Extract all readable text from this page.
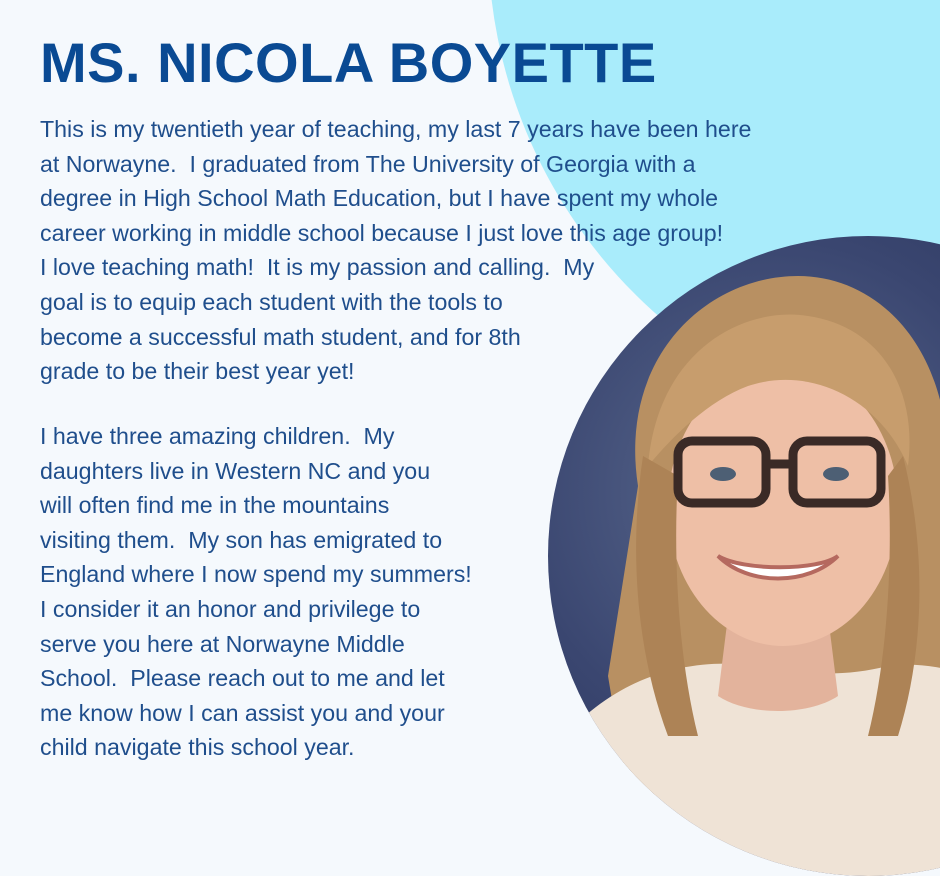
MS. NICOLA BOYETTE
This is my twentieth year of teaching, my last 7 years have been here
at Norwayne.  I graduated from The University of Georgia with a
degree in High School Math Education, but I have spent my whole
career working in middle school because I just love this age group!
I love teaching math!  It is my passion and calling.  My
goal is to equip each student with the tools to
become a successful math student, and for 8th
grade to be their best year yet!
I have three amazing children.  My
daughters live in Western NC and you
will often find me in the mountains
visiting them.  My son has emigrated to
England where I now spend my summers!
I consider it an honor and privilege to
serve you here at Norwayne Middle
School.  Please reach out to me and let
me know how I can assist you and your
child navigate this school year.
